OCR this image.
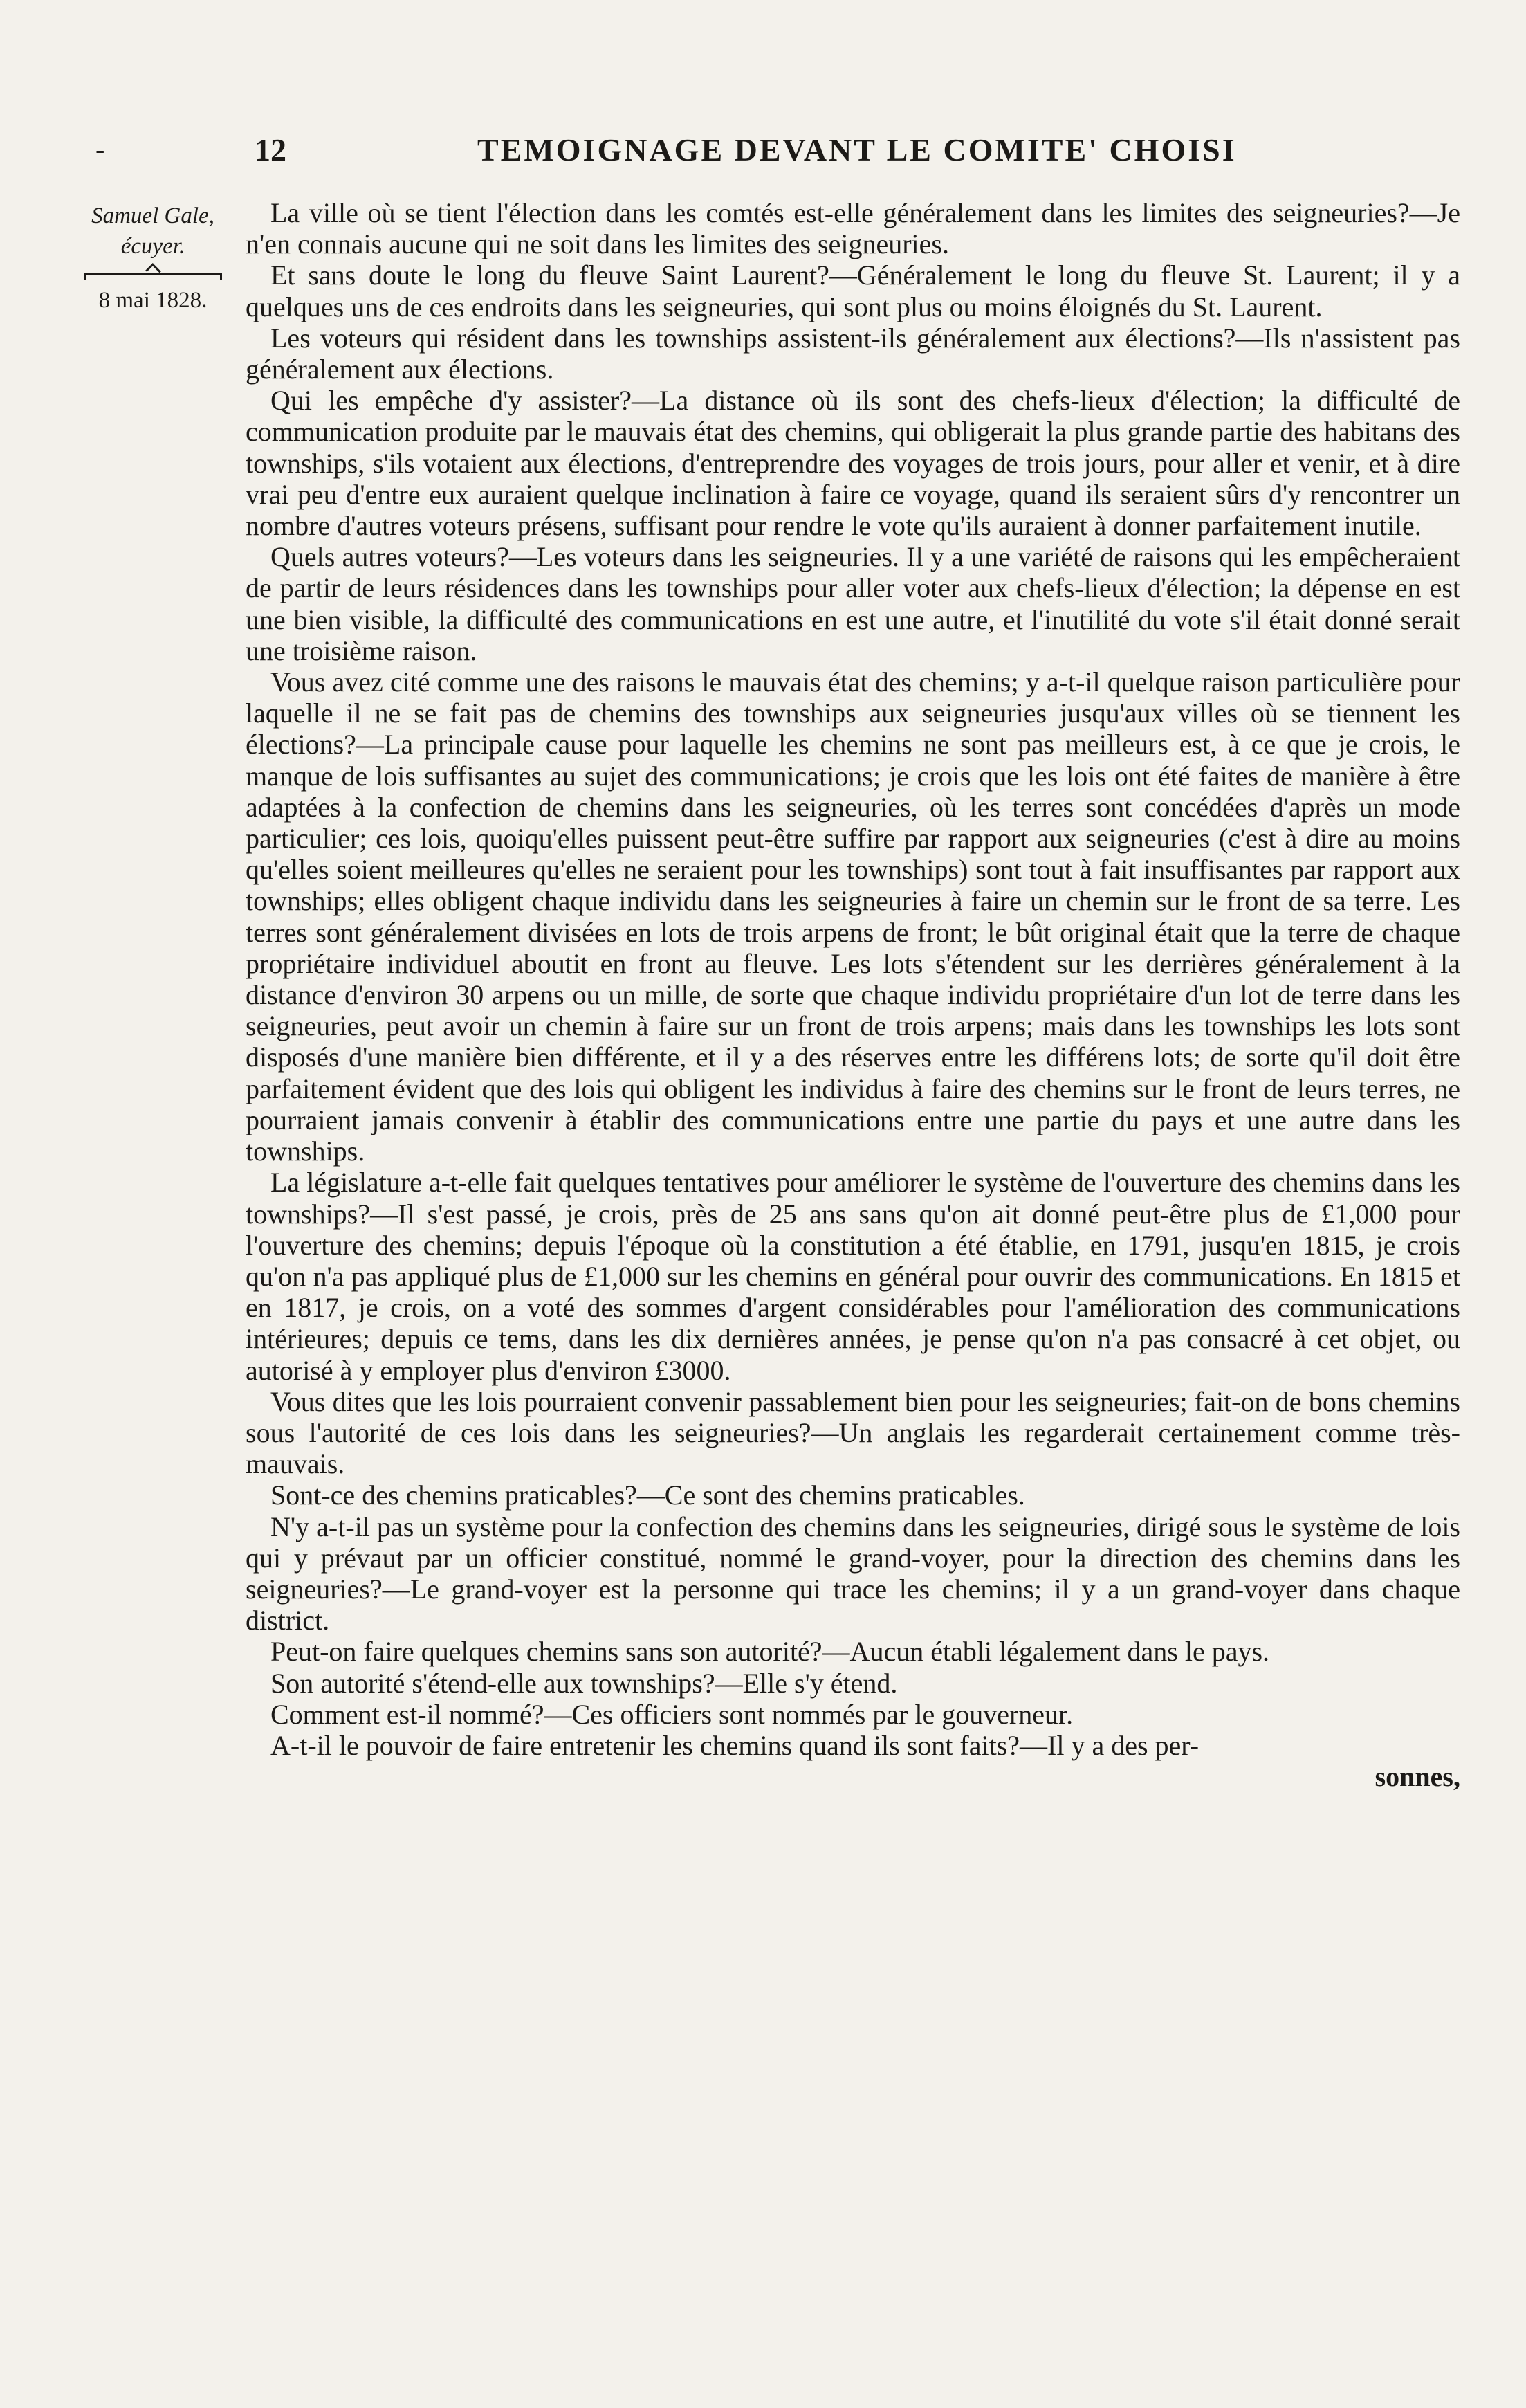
-	12	TEMOIGNAGE DEVANT LE COMITE' CHOISI
Samuel Gale,
écuyer.
8 mai 1828.

La ville où se tient l'élection dans les comtés est-elle généralement dans les limites des seigneuries?—Je n'en connais aucune qui ne soit dans les limites des seigneuries.

Et sans doute le long du fleuve Saint Laurent?—Généralement le long du fleuve St. Laurent; il y a quelques uns de ces endroits dans les seigneuries, qui sont plus ou moins éloignés du St. Laurent.

Les voteurs qui résident dans les townships assistent-ils généralement aux élections?—Ils n'assistent pas généralement aux élections.

Qui les empêche d'y assister?—La distance où ils sont des chefs-lieux d'élection; la difficulté de communication produite par le mauvais état des chemins, qui obligerait la plus grande partie des habitans des townships, s'ils votaient aux élections, d'entreprendre des voyages de trois jours, pour aller et venir, et à dire vrai peu d'entre eux auraient quelque inclination à faire ce voyage, quand ils seraient sûrs d'y rencontrer un nombre d'autres voteurs présens, suffisant pour rendre le vote qu'ils auraient à donner parfaitement inutile.

Quels autres voteurs?—Les voteurs dans les seigneuries. Il y a une variété de raisons qui les empêcheraient de partir de leurs résidences dans les townships pour aller voter aux chefs-lieux d'élection; la dépense en est une bien visible, la difficulté des communications en est une autre, et l'inutilité du vote s'il était donné serait une troisième raison.

Vous avez cité comme une des raisons le mauvais état des chemins; y a-t-il quelque raison particulière pour laquelle il ne se fait pas de chemins des townships aux seigneuries jusqu'aux villes où se tiennent les élections?—La principale cause pour laquelle les chemins ne sont pas meilleurs est, à ce que je crois, le manque de lois suffisantes au sujet des communications; je crois que les lois ont été faites de manière à être adaptées à la confection de chemins dans les seigneuries, où les terres sont concédées d'après un mode particulier; ces lois, quoiqu'elles puissent peut-être suffire par rapport aux seigneuries (c'est à dire au moins qu'elles soient meilleures qu'elles ne seraient pour les townships) sont tout à fait insuffisantes par rapport aux townships; elles obligent chaque individu dans les seigneuries à faire un chemin sur le front de sa terre. Les terres sont généralement divisées en lots de trois arpens de front; le bût original était que la terre de chaque propriétaire individuel aboutit en front au fleuve. Les lots s'étendent sur les derrières généralement à la distance d'environ 30 arpens ou un mille, de sorte que chaque individu propriétaire d'un lot de terre dans les seigneuries, peut avoir un chemin à faire sur un front de trois arpens; mais dans les townships les lots sont disposés d'une manière bien différente, et il y a des réserves entre les différens lots; de sorte qu'il doit être parfaitement évident que des lois qui obligent les individus à faire des chemins sur le front de leurs terres, ne pourraient jamais convenir à établir des communications entre une partie du pays et une autre dans les townships.

La législature a-t-elle fait quelques tentatives pour améliorer le système de l'ouverture des chemins dans les townships?—Il s'est passé, je crois, près de 25 ans sans qu'on ait donné peut-être plus de £1,000 pour l'ouverture des chemins; depuis l'époque où la constitution a été établie, en 1791, jusqu'en 1815, je crois qu'on n'a pas appliqué plus de £1,000 sur les chemins en général pour ouvrir des communications. En 1815 et en 1817, je crois, on a voté des sommes d'argent considérables pour l'amélioration des communications intérieures; depuis ce tems, dans les dix dernières années, je pense qu'on n'a pas consacré à cet objet, ou autorisé à y employer plus d'environ £3000.

Vous dites que les lois pourraient convenir passablement bien pour les seigneuries; fait-on de bons chemins sous l'autorité de ces lois dans les seigneuries?—Un anglais les regarderait certainement comme très-mauvais.

Sont-ce des chemins praticables?—Ce sont des chemins praticables.

N'y a-t-il pas un système pour la confection des chemins dans les seigneuries, dirigé sous le système de lois qui y prévaut par un officier constitué, nommé le grand-voyer, pour la direction des chemins dans les seigneuries?—Le grand-voyer est la personne qui trace les chemins; il y a un grand-voyer dans chaque district.

Peut-on faire quelques chemins sans son autorité?—Aucun établi légalement dans le pays.

Son autorité s'étend-elle aux townships?—Elle s'y étend.

Comment est-il nommé?—Ces officiers sont nommés par le gouverneur.

A-t-il le pouvoir de faire entretenir les chemins quand ils sont faits?—Il y a des per-

sonnes,
